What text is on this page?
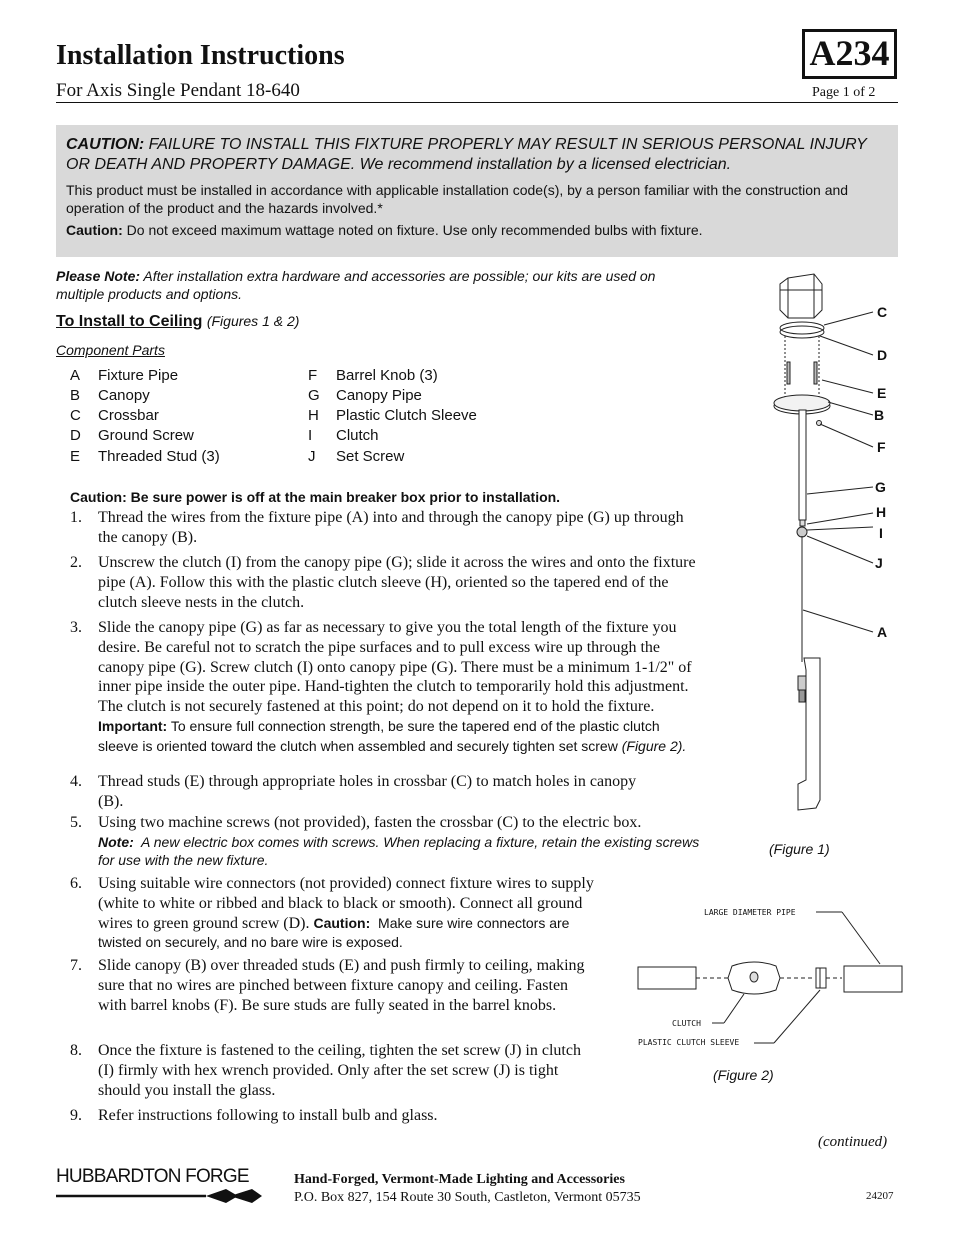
Installation Instructions
For Axis Single Pendant 18-640
A234
Page 1 of 2
CAUTION: FAILURE TO INSTALL THIS FIXTURE PROPERLY MAY RESULT IN SERIOUS PERSONAL INJURY OR DEATH AND PROPERTY DAMAGE. We recommend installation by a licensed electrician.
This product must be installed in accordance with applicable installation code(s), by a person familiar with the construction and operation of the product and the hazards involved.*
Caution: Do not exceed maximum wattage noted on fixture. Use only recommended bulbs with fixture.
Please Note: After installation extra hardware and accessories are possible; our kits are used on multiple products and options.
To Install to Ceiling (Figures 1 & 2)
Component Parts
A Fixture Pipe
B Canopy
C Crossbar
D Ground Screw
E Threaded Stud (3)
F Barrel Knob (3)
G Canopy Pipe
H Plastic Clutch Sleeve
I Clutch
J Set Screw
Caution: Be sure power is off at the main breaker box prior to installation.
1. Thread the wires from the fixture pipe (A) into and through the canopy pipe (G) up through the canopy (B).
2. Unscrew the clutch (I) from the canopy pipe (G); slide it across the wires and onto the fixture pipe (A). Follow this with the plastic clutch sleeve (H), oriented so the tapered end of the clutch sleeve nests in the clutch.
3. Slide the canopy pipe (G) as far as necessary to give you the total length of the fixture you desire. Be careful not to scratch the pipe surfaces and to pull excess wire up through the canopy pipe (G). Screw clutch (I) onto canopy pipe (G). There must be a minimum 1-1/2" of inner pipe inside the outer pipe. Hand-tighten the clutch to temporarily hold this adjustment. The clutch is not securely fastened at this point; do not depend on it to hold the fixture. Important: To ensure full connection strength, be sure the tapered end of the plastic clutch sleeve is oriented toward the clutch when assembled and securely tighten set screw (Figure 2).
4. Thread studs (E) through appropriate holes in crossbar (C) to match holes in canopy (B).
5. Using two machine screws (not provided), fasten the crossbar (C) to the electric box.
Note: A new electric box comes with screws. When replacing a fixture, retain the existing screws for use with the new fixture.
6. Using suitable wire connectors (not provided) connect fixture wires to supply (white to white or ribbed and black to black or smooth). Connect all ground wires to green ground screw (D). Caution: Make sure wire connectors are twisted on securely, and no bare wire is exposed.
7. Slide canopy (B) over threaded studs (E) and push firmly to ceiling, making sure that no wires are pinched between fixture canopy and ceiling. Fasten with barrel knobs (F). Be sure studs are fully seated in the barrel knobs.
8. Once the fixture is fastened to the ceiling, tighten the set screw (J) in clutch (I) firmly with hex wrench provided. Only after the set screw (J) is tight should you install the glass.
9. Refer instructions following to install bulb and glass.
C
D
E
B
F
G
H
I
J
A
(Figure 1)
LARGE DIAMETER PIPE
CLUTCH
PLASTIC CLUTCH SLEEVE
(Figure 2)
(continued)
HUBBARDTON FORGE	Hand-Forged, Vermont-Made Lighting and Accessories
P.O. Box 827, 154 Route 30 South, Castleton, Vermont 05735	24207
